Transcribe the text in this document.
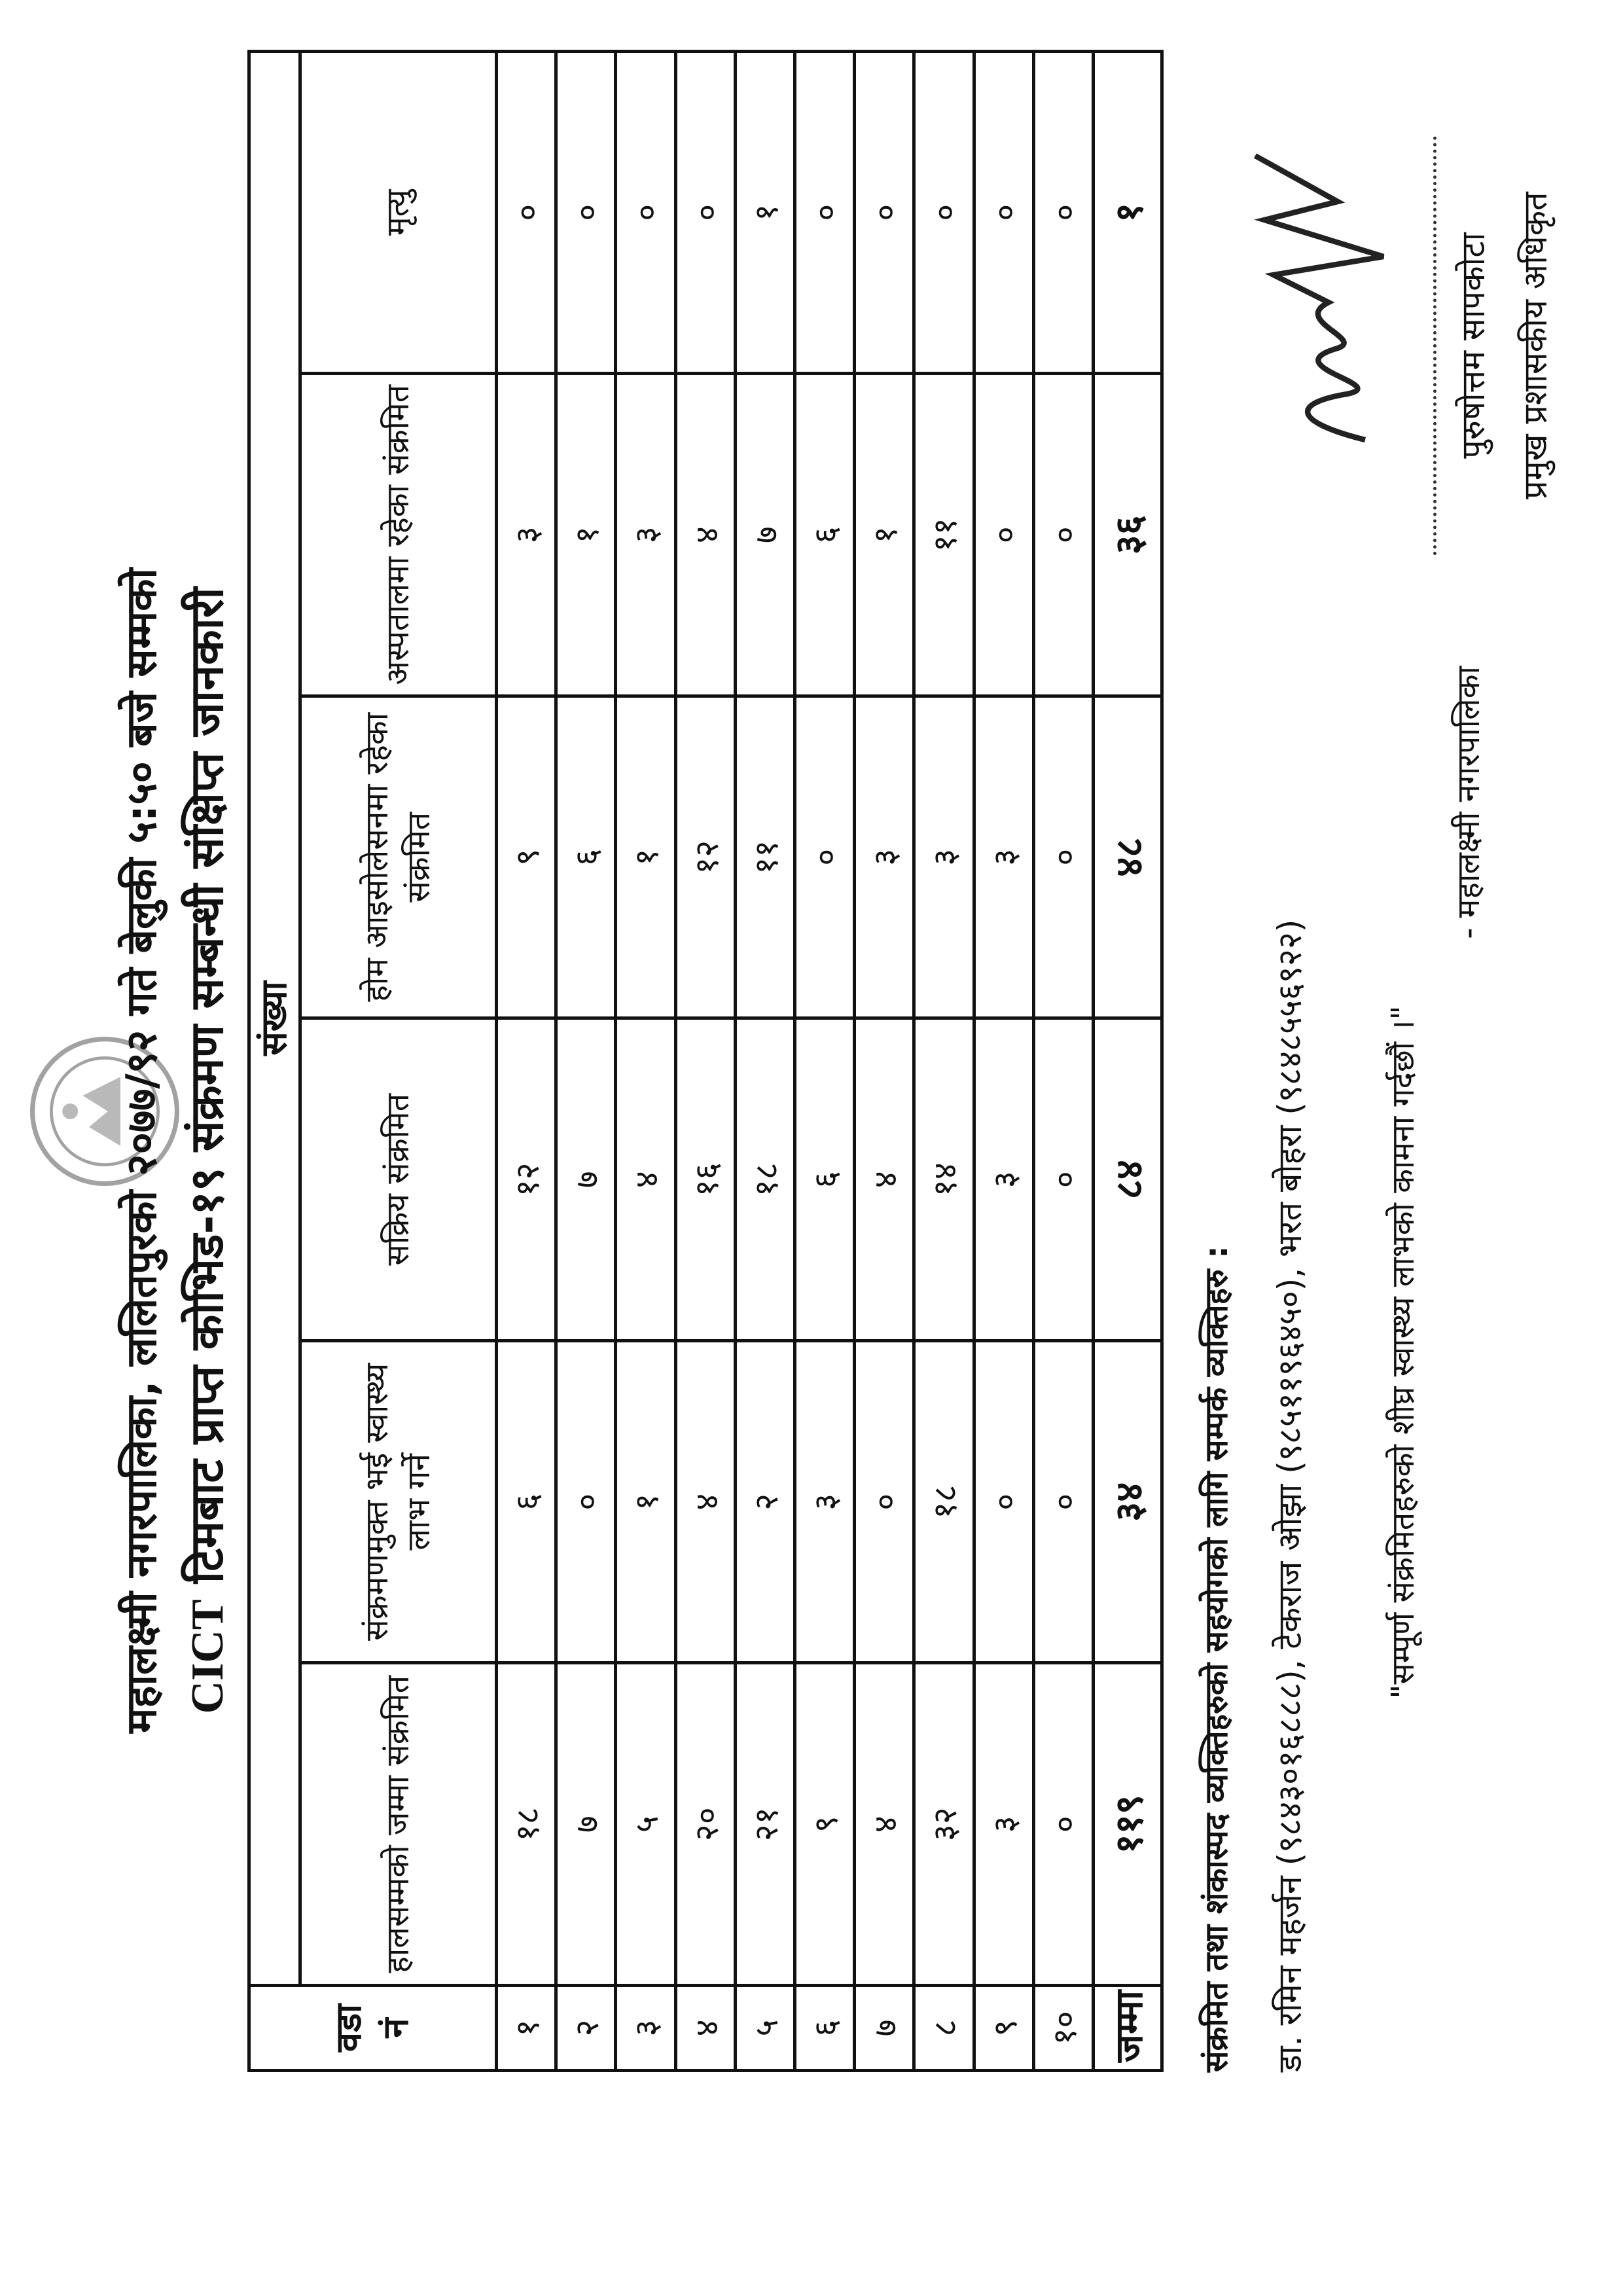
महालक्ष्मी नगरपालिका, ललितपुरको २०७७/९२ गते बेलुकी ५:५० बजे सम्मको CICT टिमबाट प्राप्त कोभिड-१९ संक्रमण सम्बन्धी संक्षिप्त जानकारी
वडा नं	संख्या					
	हालसम्मको जम्मा संक्रमित	संक्रमणमुक्त भई स्वास्थ्य लाभ गर्ने	सक्रिय संक्रमित	होम आइसोलेसनमा रहेका संक्रमित	अस्पतालमा रहेका संक्रमित	मृत्यु
१	१८	६	१२	९	३	०
२	७	०	७	६	१	०
३	५	१	४	१	३	०
४	२०	४	१६	१२	४	०
५	२१	२	१८	११	७	१
६	९	३	६	०	६	०
७	४	०	४	३	१	०
८	३२	१८	१४	३	११	०
९	३	०	३	३	०	०
१०	०	०	०	०	०	०
जम्मा	११९	३४	८४	४८	३६	१
संक्रमित तथा शंकास्पद व्यक्तिहरुको सहयोगको लागि सम्पर्क व्यक्तिहरु : डा. रमिन महर्जन (९८४३०१६८८८), टेकराज ओझा (९८५११९६४५०), भरत बोहरा (९८४८५५६९२२) "सम्पूर्ण संक्रमितहरुको शीघ्र स्वास्थ्य लाभको कामना गर्दछौं ।"
- महालक्ष्मी नगरपालिका
पुरुषोत्तम सापकोटा प्रमुख प्रशासकीय अधिकृत
